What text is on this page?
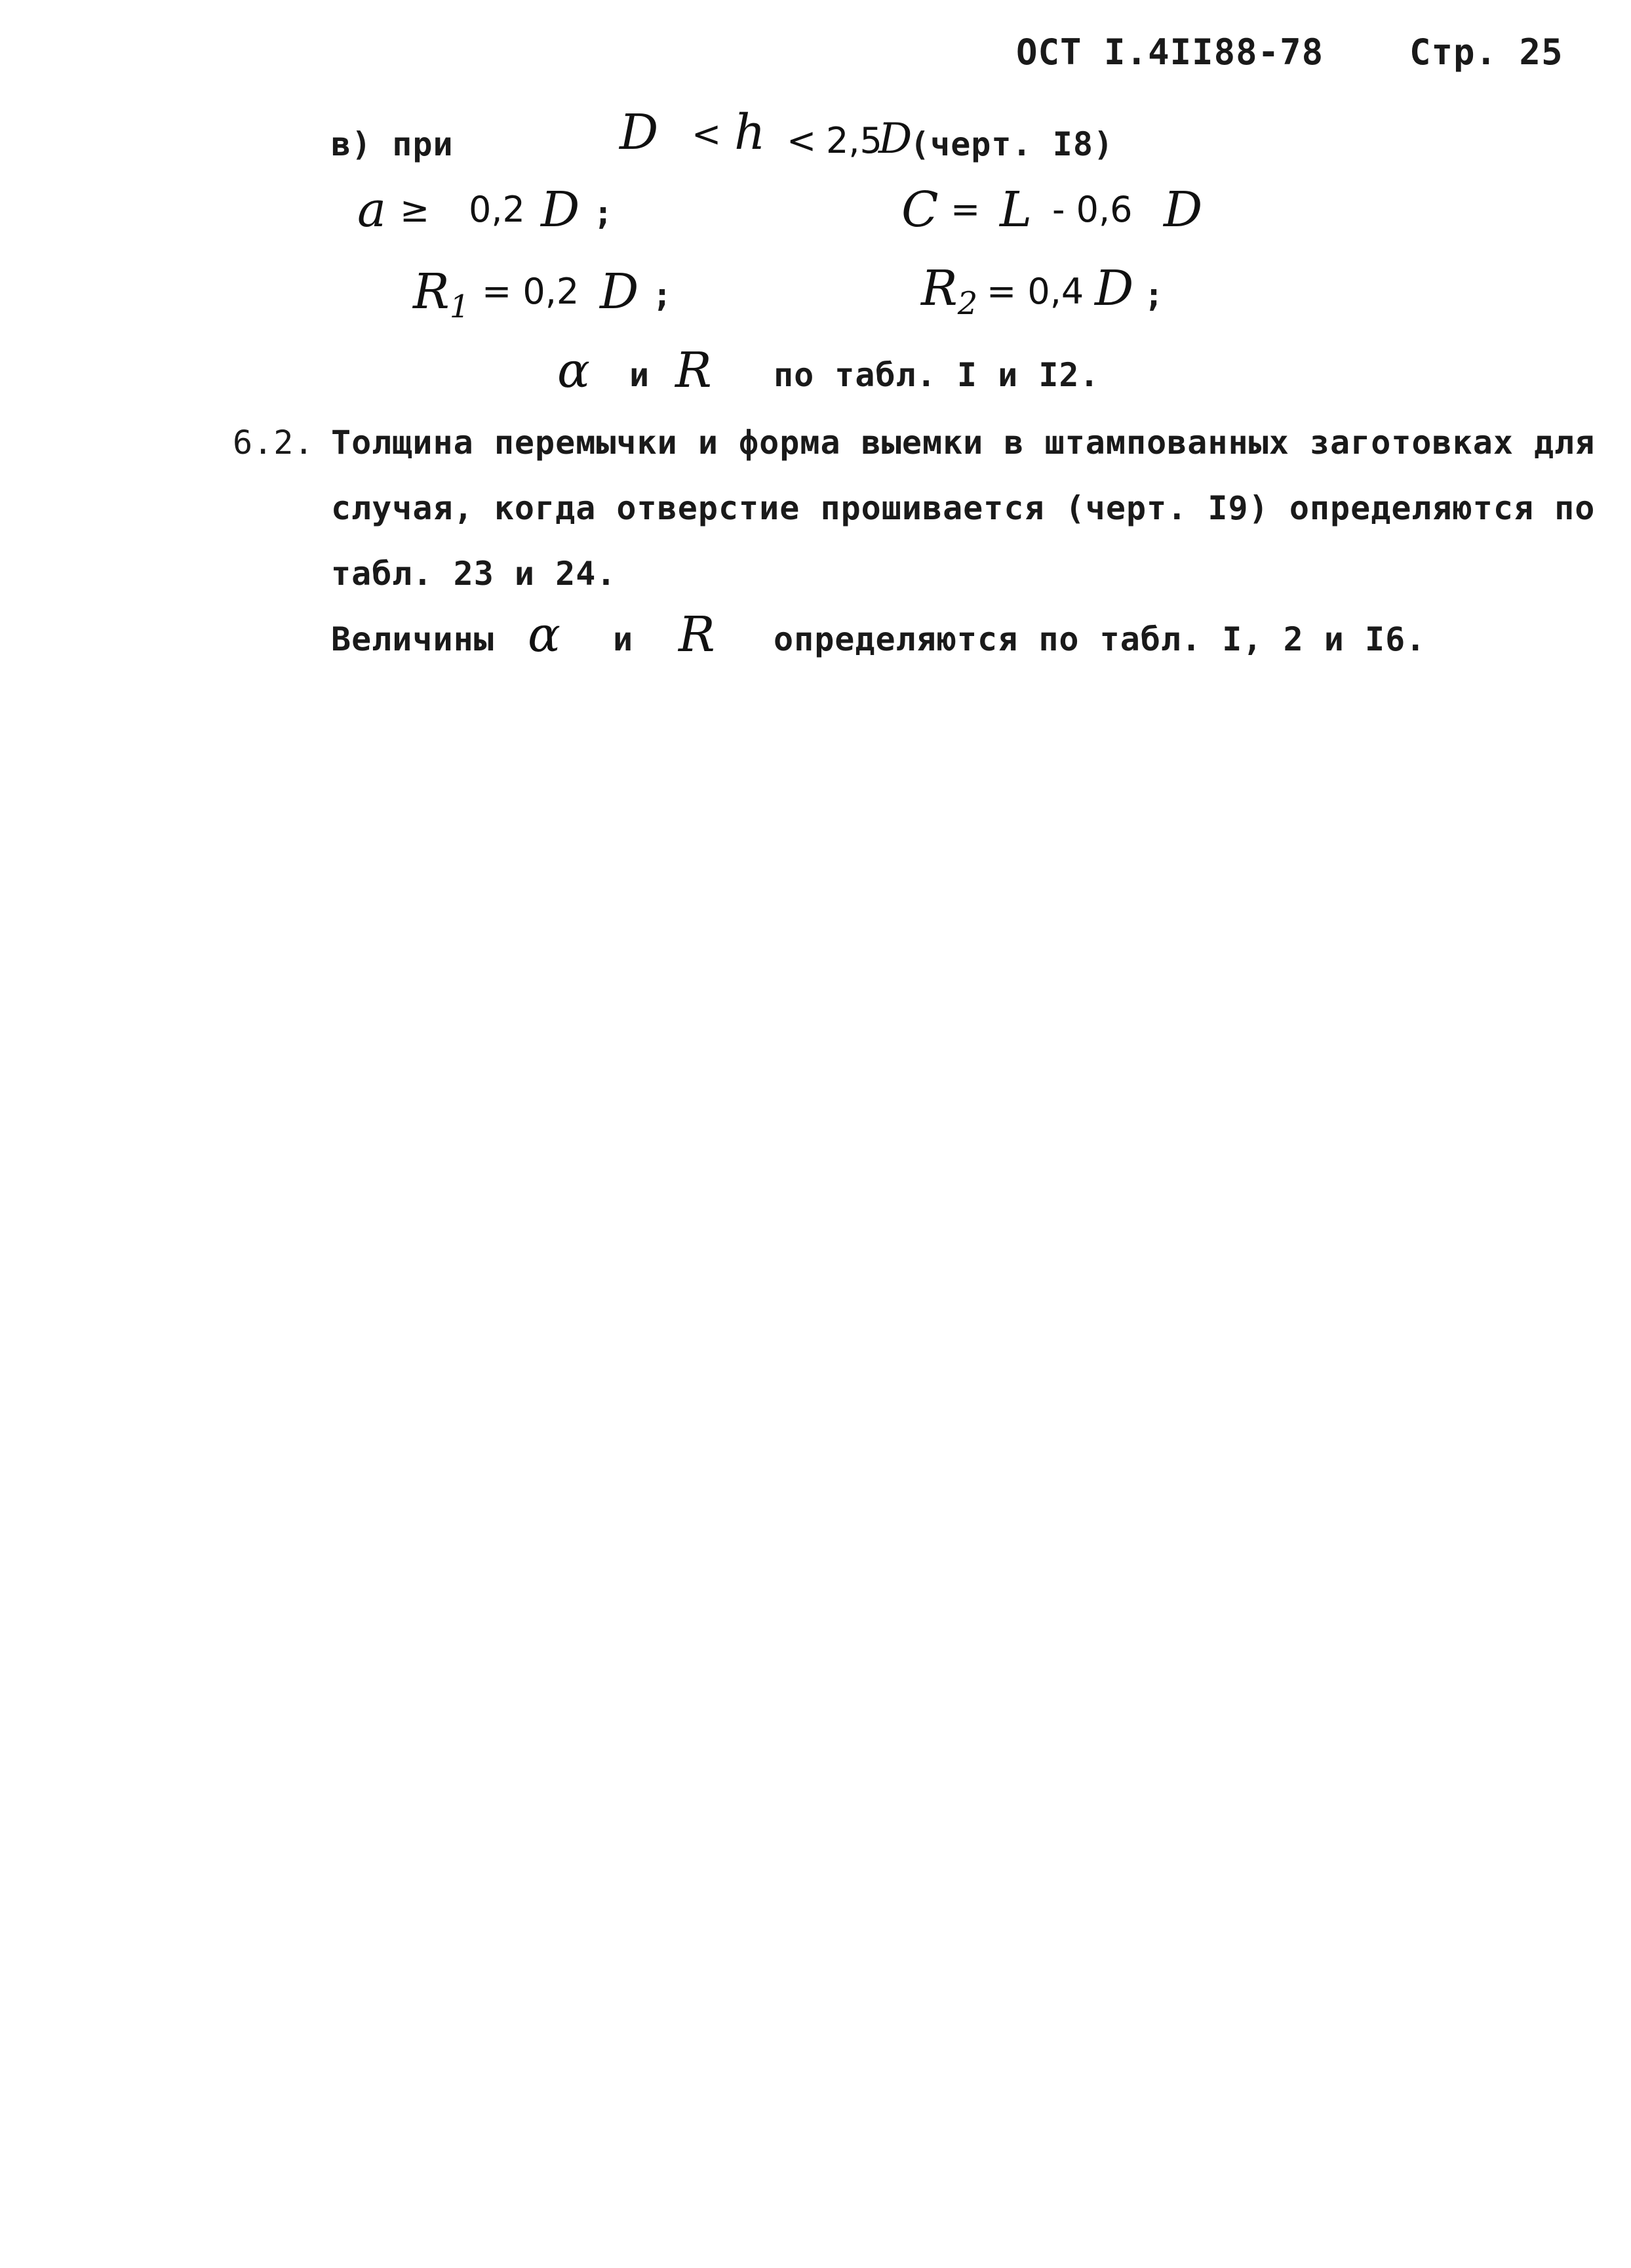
ОСТ I.4II88-78 Стр. 25
в) при	D < h < 2,5
D
(черт. I8)
a ≥ 0,2 D ;	C = L - 0,6 D
$R_1 = 0,2$ D ;	$R_2 = 0,4$ D ;
α и R по табл. I и I2.
6.2. Толщина перемычки и форма выемки в штампованных заготовках для
случая, когда отверстие прошивается (черт. I9) определяются по
табл. 23 и 24.
Величины α и R определяются по табл. I, 2 и I6.
